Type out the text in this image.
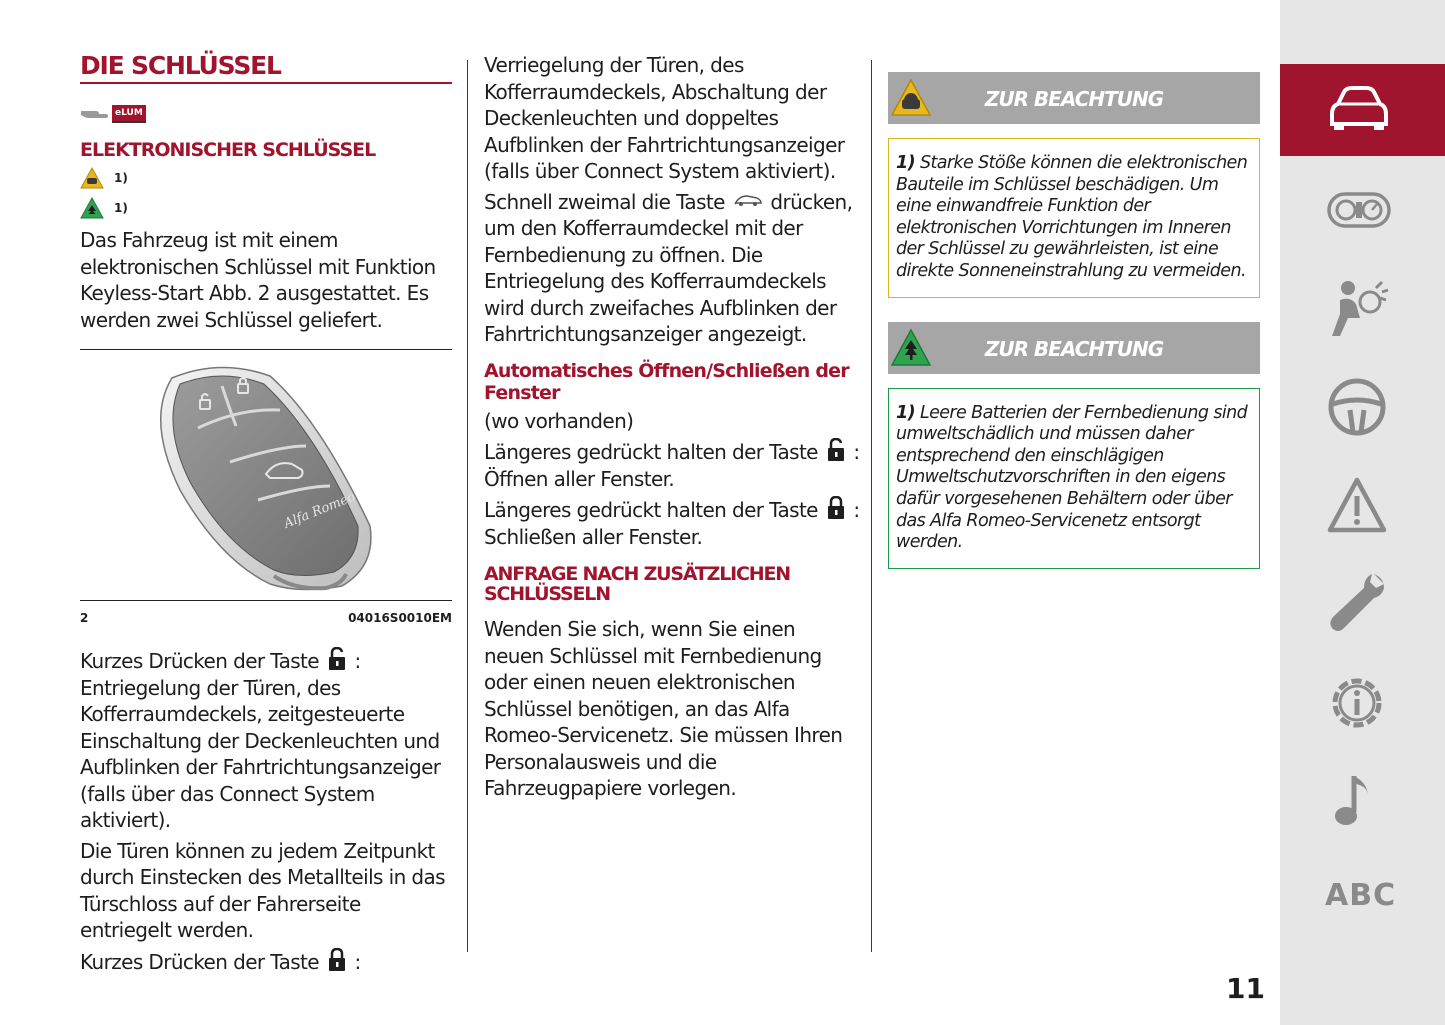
DIE SCHLÜSSEL
eLUM
ELEKTRONISCHER SCHLÜSSEL
1)
1)

Das Fahrzeug ist mit einem elektronischen Schlüssel mit Funktion Keyless-Start Abb. 2 ausgestattet. Es werden zwei Schlüssel geliefert.

Alfa Romeo
2	04016S0010EM

Kurzes Drücken der Taste :
Entriegelung der Türen, des Kofferraumdeckels, zeitgesteuerte Einschaltung der Deckenleuchten und Aufblinken der Fahrtrichtungsanzeiger (falls über das Connect System aktiviert).

Die Türen können zu jedem Zeitpunkt durch Einstecken des Metallteils in das Türschloss auf der Fahrerseite entriegelt werden.

Kurzes Drücken der Taste :

Verriegelung der Türen, des Kofferraumdeckels, Abschaltung der Deckenleuchten und doppeltes Aufblinken der Fahrtrichtungsanzeiger (falls über Connect System aktiviert).

Schnell zweimal die Taste drücken, um den Kofferraumdeckel mit der Fernbedienung zu öffnen. Die Entriegelung des Kofferraumdeckels wird durch zweifaches Aufblinken der Fahrtrichtungsanzeiger angezeigt.

Automatisches Öffnen/Schließen der Fenster

(wo vorhanden)

Längeres gedrückt halten der Taste :
Öffnen aller Fenster.

Längeres gedrückt halten der Taste :
Schließen aller Fenster.

ANFRAGE NACH ZUSÄTZLICHEN SCHLÜSSELN

Wenden Sie sich, wenn Sie einen neuen Schlüssel mit Fernbedienung oder einen neuen elektronischen Schlüssel benötigen, an das Alfa Romeo-Servicenetz. Sie müssen Ihren Personalausweis und die Fahrzeugpapiere vorlegen.

ZUR BEACHTUNG
1) Starke Stöße können die elektronischen Bauteile im Schlüssel beschädigen. Um eine einwandfreie Funktion der elektronischen Vorrichtungen im Inneren der Schlüssel zu gewährleisten, ist eine direkte Sonneneinstrahlung zu vermeiden.
ZUR BEACHTUNG
1) Leere Batterien der Fernbedienung sind umweltschädlich und müssen daher entsprechend den einschlägigen Umweltschutzvorschriften in den eigens dafür vorgesehenen Behältern oder über das Alfa Romeo-Servicenetz entsorgt werden.
ABC
11
